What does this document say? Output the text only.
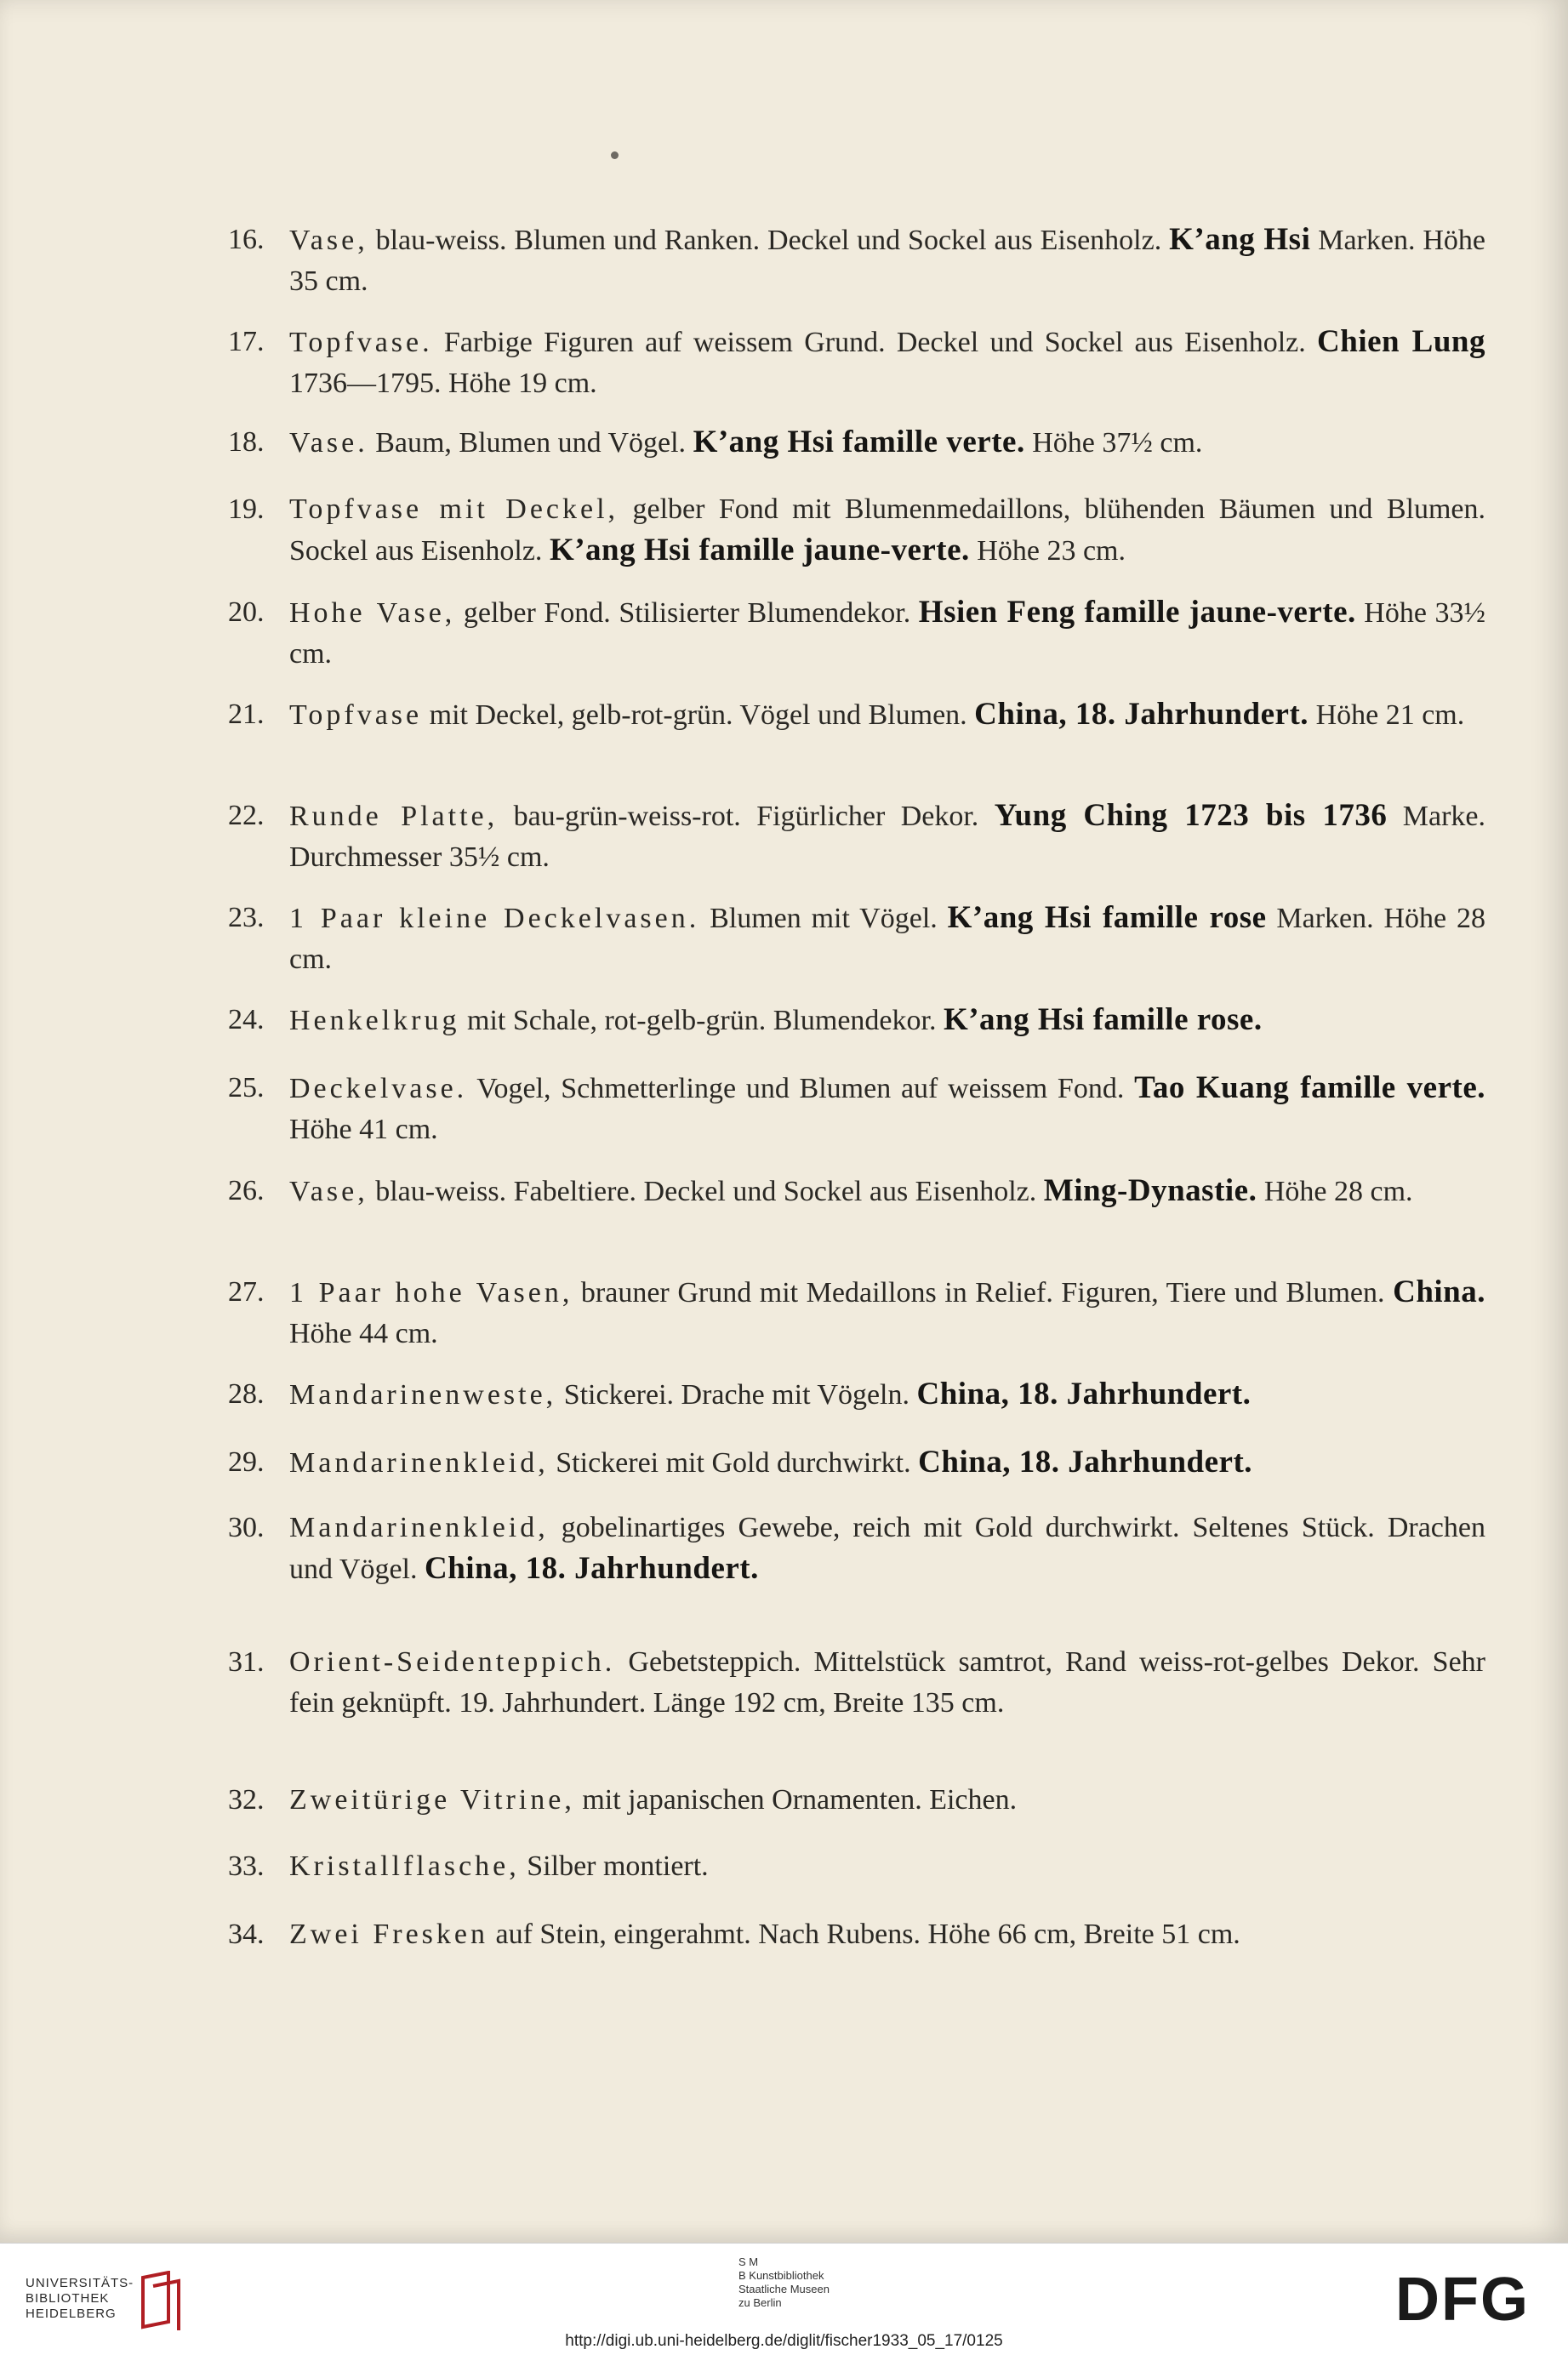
16. Vase, blau-weiss. Blumen und Ranken. Deckel und Sockel aus Eisenholz. K’ang Hsi Marken. Höhe 35 cm.
17. Topfvase. Farbige Figuren auf weissem Grund. Deckel und Sockel aus Eisenholz. Chien Lung 1736—1795. Höhe 19 cm.
18. Vase. Baum, Blumen und Vögel. K’ang Hsi famille verte. Höhe 37½ cm.
19. Topfvase mit Deckel, gelber Fond mit Blumenmedaillons, blühenden Bäumen und Blumen. Sockel aus Eisenholz. K’ang Hsi famille jaune-verte. Höhe 23 cm.
20. Hohe Vase, gelber Fond. Stilisierter Blumendekor. Hsien Feng famille jaune-verte. Höhe 33½ cm.
21. Topfvase mit Deckel, gelb-rot-grün. Vögel und Blumen. China, 18. Jahrhundert. Höhe 21 cm.
22. Runde Platte, bau-grün-weiss-rot. Figürlicher Dekor. Yung Ching 1723 bis 1736 Marke. Durchmesser 35½ cm.
23. 1 Paar kleine Deckelvasen. Blumen mit Vögel. K’ang Hsi famille rose Marken. Höhe 28 cm.
24. Henkelkrug mit Schale, rot-gelb-grün. Blumendekor. K’ang Hsi famille rose.
25. Deckelvase. Vogel, Schmetterlinge und Blumen auf weissem Fond. Tao Kuang famille verte. Höhe 41 cm.
26. Vase, blau-weiss. Fabeltiere. Deckel und Sockel aus Eisenholz. Ming-Dynastie. Höhe 28 cm.
27. 1 Paar hohe Vasen, brauner Grund mit Medaillons in Relief. Figuren, Tiere und Blumen. China. Höhe 44 cm.
28. Mandarinenweste, Stickerei. Drache mit Vögeln. China, 18. Jahrhundert.
29. Mandarinenkleid, Stickerei mit Gold durchwirkt. China, 18. Jahrhundert.
30. Mandarinenkleid, gobelinartiges Gewebe, reich mit Gold durchwirkt. Seltenes Stück. Drachen und Vögel. China, 18. Jahrhundert.
31. Orient-Seidenteppich. Gebetsteppich. Mittelstück samtrot, Rand weiss-rot-gelbes Dekor. Sehr fein geknüpft. 19. Jahrhundert. Länge 192 cm, Breite 135 cm.
32. Zweitürige Vitrine, mit japanischen Ornamenten. Eichen.
33. Kristallflasche, Silber montiert.
34. Zwei Fresken auf Stein, eingerahmt. Nach Rubens. Höhe 66 cm, Breite 51 cm.
UNIVERSITÄTS-
BIBLIOTHEK
HEIDELBERG
S M
B Kunstbibliothek
Staatliche Museen
zu Berlin	DFG
http://digi.ub.uni-heidelberg.de/diglit/fischer1933_05_17/0125
